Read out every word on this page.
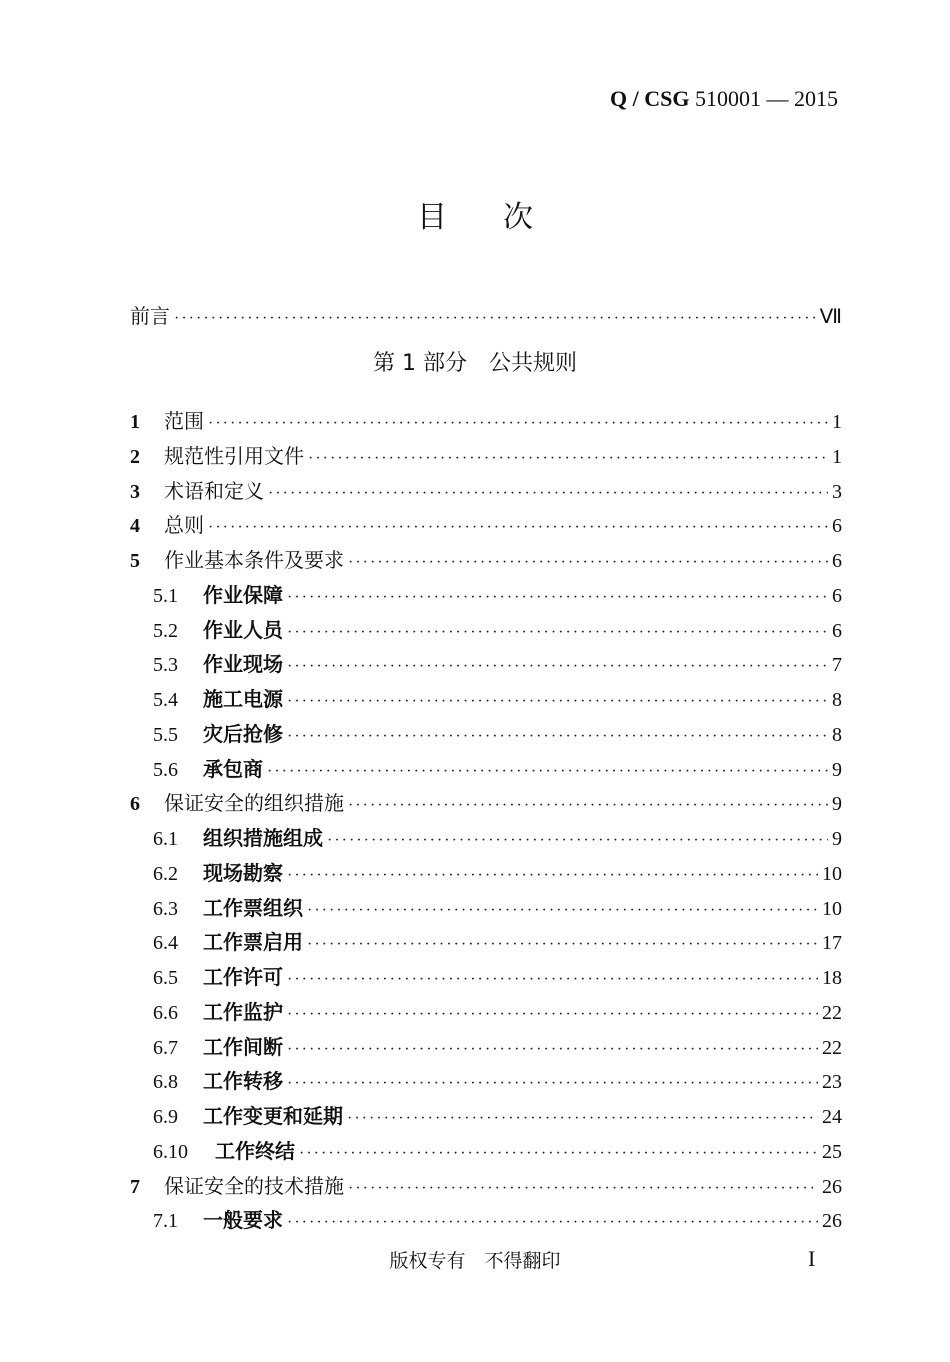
Q / CSG 510001 — 2015
目次
前言 ·····	Ⅶ
第 1 部分　公共规则
1	范围 ·····	1
2	规范性引用文件 ·····	1
3	术语和定义 ·····	3
4	总则 ·····	6
5	作业基本条件及要求 ·····	6
5.1	作业保障 ·····	6
5.2	作业人员 ·····	6
5.3	作业现场 ·····	7
5.4	施工电源 ·····	8
5.5	灾后抢修 ·····	8
5.6	承包商 ·····	9
6	保证安全的组织措施 ·····	9
6.1	组织措施组成 ·····	9
6.2	现场勘察 ·····	10
6.3	工作票组织 ·····	10
6.4	工作票启用 ·····	17
6.5	工作许可 ·····	18
6.6	工作监护 ·····	22
6.7	工作间断 ·····	22
6.8	工作转移 ·····	23
6.9	工作变更和延期 ·····	24
6.10	工作终结 ·····	25
7	保证安全的技术措施 ·····	26
7.1	一般要求 ·····	26
版权专有　不得翻印	I
